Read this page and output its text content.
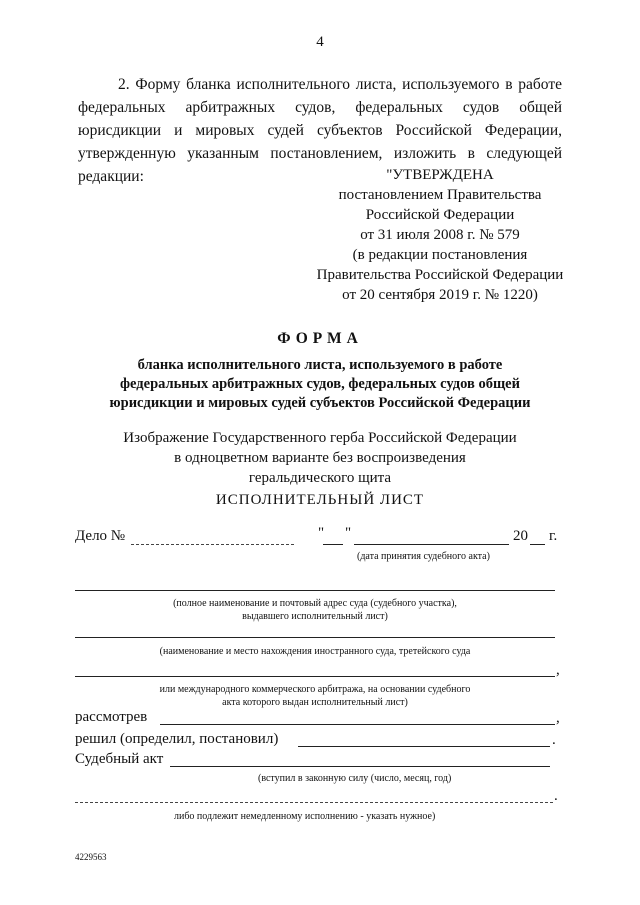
4

2. Форму бланка исполнительного листа, используемого в работе федеральных арбитражных судов, федеральных судов общей юрисдикции и мировых судей субъектов Российской Федерации, утвержденную указанным постановлением, изложить в следующей редакции:	"УТВЕРЖДЕНА
постановлением Правительства
Российской Федерации
от 31 июля 2008 г. № 579
(в редакции постановления
Правительства Российской Федерации
от 20 сентября 2019 г. № 1220)
ФОРМА
бланка исполнительного листа, используемого в работе федеральных арбитражных судов, федеральных судов общей юрисдикции и мировых судей субъектов Российской Федерации
Изображение Государственного герба Российской Федерации
в одноцветном варианте без воспроизведения
геральдического щита
ИСПОЛНИТЕЛЬНЫЙ ЛИСТ
Дело №	" "	20 г.
(дата принятия судебного акта)
(полное наименование и почтовый адрес суда (судебного участка),
выдавшего исполнительный лист)
(наименование и место нахождения иностранного суда, третейского суда
,
или международного коммерческого арбитража, на основании судебного
акта которого выдан исполнительный лист)
рассмотрев	,
решил (определил, постановил)	.
Судебный акт
(вступил в законную силу (число, месяц, год)
.
либо подлежит немедленному исполнению - указать нужное)
4229563
